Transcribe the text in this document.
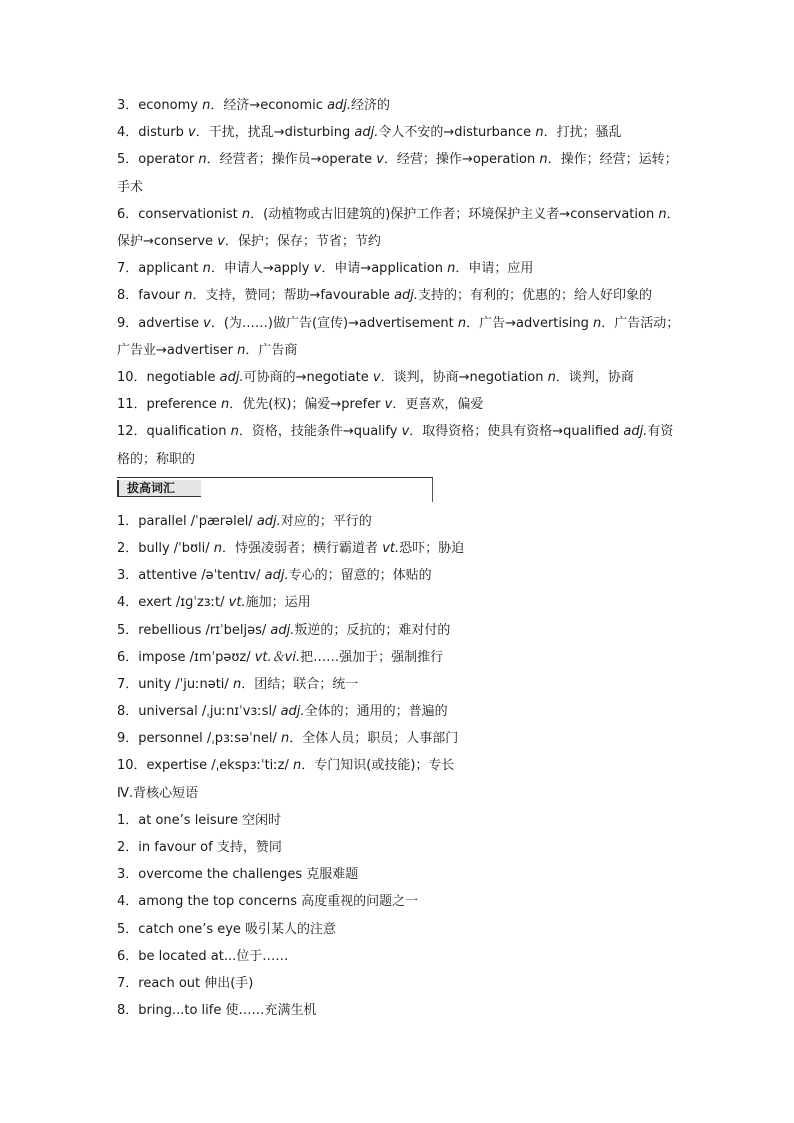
3．economy n．经济→economic adj.经济的
4．disturb v．干扰，扰乱→disturbing adj.令人不安的→disturbance n．打扰；骚乱
5．operator n．经营者；操作员→operate v．经营；操作→operation n．操作；经营；运转；手术
6．conservationist n．(动植物或古旧建筑的)保护工作者；环境保护主义者→conservation n．保护→conserve v．保护；保存；节省；节约
7．applicant n．申请人→apply v．申请→application n．申请；应用
8．favour n．支持，赞同；帮助→favourable adj.支持的；有利的；优惠的；给人好印象的
9．advertise v．(为……)做广告(宣传)→advertisement n．广告→advertising n．广告活动；广告业→advertiser n．广告商
10．negotiable adj.可协商的→negotiate v．谈判，协商→negotiation n．谈判，协商
11．preference n．优先(权)；偏爱→prefer v．更喜欢，偏爱
12．qualification n．资格，技能条件→qualify v．取得资格；使具有资格→qualified adj.有资格的；称职的
拔高词汇
1．parallel /ˈpærəlel/ adj.对应的；平行的
2．bully /ˈbʊli/ n．恃强凌弱者；横行霸道者 vt.恐吓；胁迫
3．attentive /əˈtentɪv/ adj.专心的；留意的；体贴的
4．exert /ɪɡˈzɜːt/ vt.施加；运用
5．rebellious /rɪˈbeljəs/ adj.叛逆的；反抗的；难对付的
6．impose /ɪmˈpəʊz/ vt.＆vi.把……强加于；强制推行
7．unity /ˈjuːnəti/ n．团结；联合；统一
8．universal /ˌjuːnɪˈvɜːsl/ adj.全体的；通用的；普遍的
9．personnel /ˌpɜːsəˈnel/ n．全体人员；职员；人事部门
10．expertise /ˌekspɜːˈtiːz/ n．专门知识(或技能)；专长
Ⅳ.背核心短语
1．at one’s leisure 空闲时
2．in favour of 支持，赞同
3．overcome the challenges 克服难题
4．among the top concerns 高度重视的问题之一
5．catch one’s eye 吸引某人的注意
6．be located at...位于……
7．reach out 伸出(手)
8．bring...to life 使……充满生机
